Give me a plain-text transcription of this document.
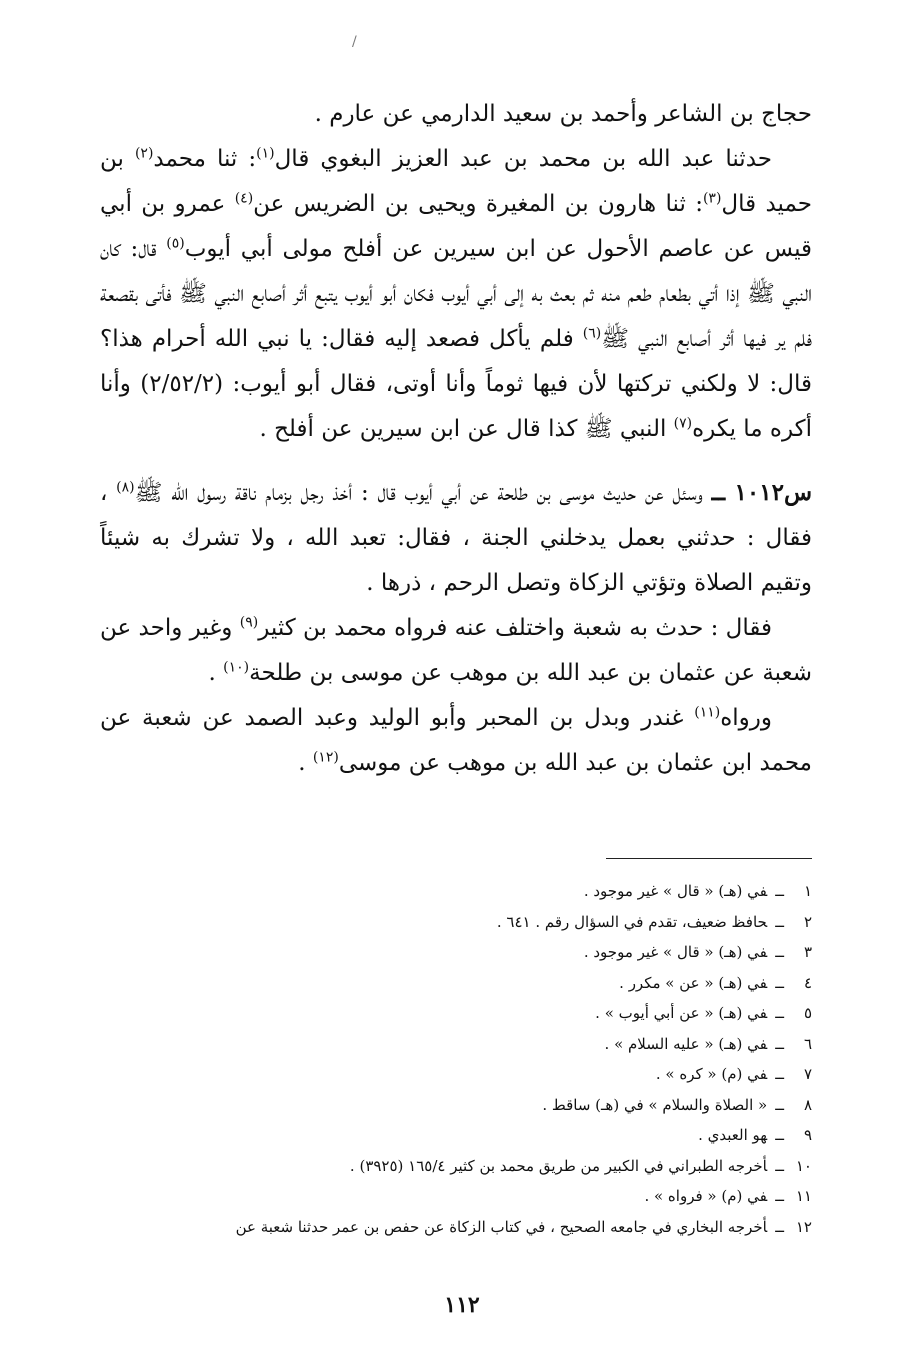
/

حجاج بن الشاعر وأحمد بن سعيد الدارمي عن عارم .

حدثنا عبد الله بن محمد بن عبد العزيز البغوي قال$^{(١)}$: ثنا محمد$^{(٢)}$ بن حميد قال$^{(٣)}$: ثنا هارون بن المغيرة ويحيى بن الضريس عن$^{(٤)}$ عمرو بن أبي قيس عن عاصم الأحول عن ابن سيرين عن أفلح مولى أبي أيوب$^{(٥)}$ قال: كان النبي ﷺ إذا أتي بطعام طعم منه ثم بعث به إلى أبي أيوب فكان أبو أيوب يتبع أثر أصابع النبي ﷺ فأتى بقصعة فلم ير فيها أثر أصابع النبي ﷺ$^{(٦)}$ فلم يأكل فصعد إليه فقال: يا نبي الله أحرام هذا؟ قال: لا ولكني تركتها لأن فيها ثوماً وأنا أوتى، فقال أبو أيوب: (٢/٥٢/٢) وأنا أكره ما يكره$^{(٧)}$ النبي ﷺ كذا قال عن ابن سيرين عن أفلح .

س١٠١٢ ــ وسئل عن حديث موسى بن طلحة عن أبي أيوب قال : أخذ رجل بزمام ناقة رسول الله ﷺ$^{(٨)}$ ، فقال : حدثني بعمل يدخلني الجنة ، فقال: تعبد الله ، ولا تشرك به شيئاً وتقيم الصلاة وتؤتي الزكاة وتصل الرحم ، ذرها .

فقال : حدث به شعبة واختلف عنه فرواه محمد بن كثير$^{(٩)}$ وغير واحد عن شعبة عن عثمان بن عبد الله بن موهب عن موسى بن طلحة$^{(١٠)}$ .

ورواه$^{(١١)}$ غندر وبدل بن المحبر وأبو الوليد وعبد الصمد عن شعبة عن محمد ابن عثمان بن عبد الله بن موهب عن موسى$^{(١٢)}$ .

١ــفي (هـ) « قال » غير موجود .
٢ــحافظ ضعيف، تقدم في السؤال رقم . ٦٤١ .
٣ــفي (هـ) « قال » غير موجود .
٤ــفي (هـ) « عن » مكرر .
٥ــفي (هـ) « عن أبي أيوب » .
٦ــفي (هـ) « عليه السلام » .
٧ــفي (م) « كره » .
٨ــ« الصلاة والسلام » في (هـ) ساقط .
٩ــهو العبدي .
١٠ــأخرجه الطبراني في الكبير من طريق محمد بن كثير ١٦٥/٤ (٣٩٢٥) .
١١ــفي (م) « فرواه » .
١٢ــأخرجه البخاري في جامعه الصحيح ، في كتاب الزكاة عن حفص بن عمر حدثنا شعبة عن
١١٢
